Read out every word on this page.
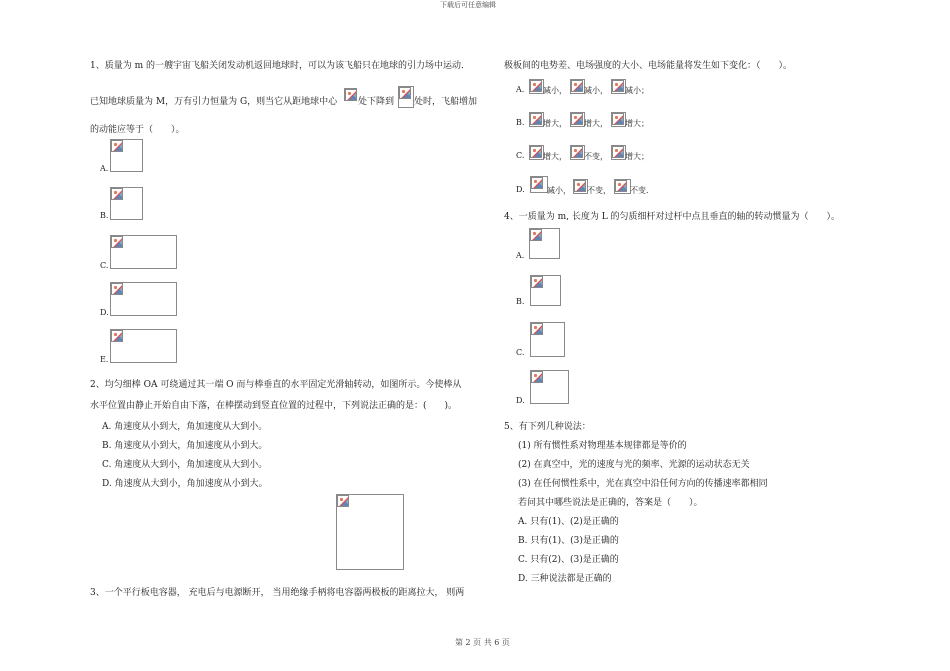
下载后可任意编辑
第 2 页 共 6 页
1、质量为 m 的一艘宇宙飞船关闭发动机返回地球时，可以为该飞船只在地球的引力场中运动．
已知地球质量为 M，万有引力恒量为 G，则当它从距地球中心 处下降到 处时，飞船增加
的动能应等于（　　）。
A.
B.
C.
D.
E.
2、均匀细棒 OA 可绕通过其一端 O 而与棒垂直的水平固定光滑轴转动，如图所示。今使棒从
水平位置由静止开始自由下落，在棒摆动到竖直位置的过程中，下列说法正确的是：(　　)。
A. 角速度从小到大，角加速度从大到小。
B. 角速度从小到大，角加速度从小到大。
C. 角速度从大到小，角加速度从大到小。
D. 角速度从大到小，角加速度从小到大。
3、一个平行板电容器， 充电后与电源断开， 当用绝缘手柄将电容器两极板的距离拉大， 则两
极板间的电势差、电场强度的大小、电场能量将发生如下变化：（　　）。
A. 减小， 减小， 减小；
B. 增大， 增大， 增大；
C. 增大， 不变， 增大；
D.	减小， 不变， 不变.
4、一质量为 m, 长度为 L 的匀质细杆对过杆中点且垂直的轴的转动惯量为（　　）。
A.
B.
C.
D.
5、有下列几种说法：
(1) 所有惯性系对物理基本规律都是等价的
(2) 在真空中，光的速度与光的频率、光源的运动状态无关
(3) 在任何惯性系中，光在真空中沿任何方向的传播速率都相同
若问其中哪些说法是正确的，答案是（　　）。
A. 只有(1)、(2)是正确的
B. 只有(1)、(3)是正确的
C. 只有(2)、(3)是正确的
D. 三种说法都是正确的
